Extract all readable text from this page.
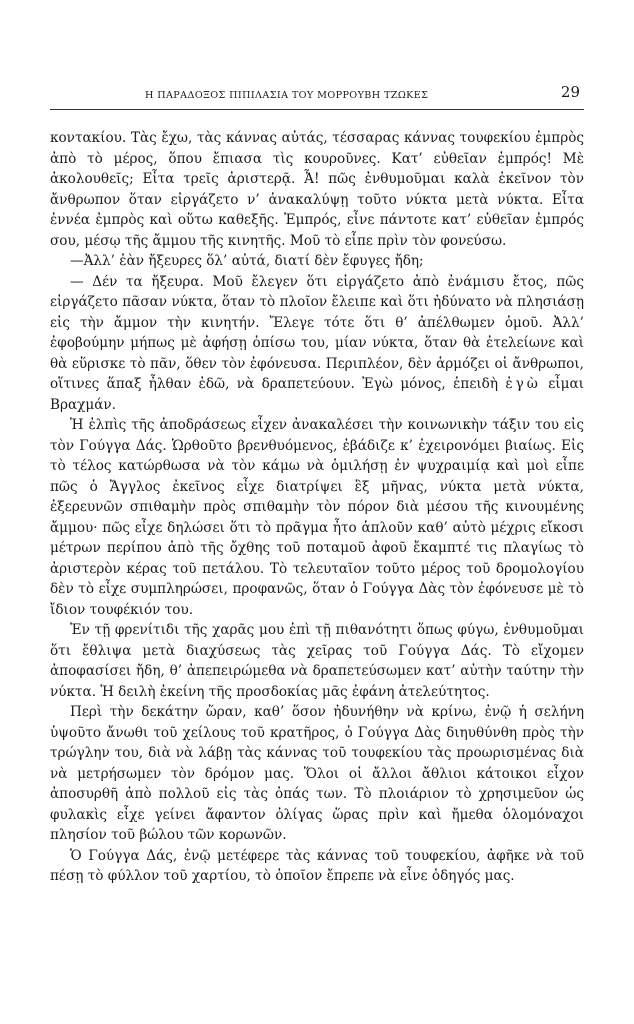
Η ΠΑΡΑΔΟΞΟΣ ΠΙΠΙΛΑΣΙΑ ΤΟΥ ΜΟΡΡΟΥΒΗ ΤΖΩΚΕΣ	29

κοντακίου. Τὰς ἔχω, τὰς κάννας αὐτάς, τέσσαρας κάννας τουφεκίου ἐμπρὸς ἀπὸ τὸ μέρος, ὅπου ἔπιασα τὶς κουροῦνες. Κατ’ εὐθεῖαν ἐμπρός! Μὲ ἀκολουθεῖς; Εἶτα τρεῖς ἀριστερᾷ. Ἆ! πῶς ἐνθυμοῦμαι καλὰ ἐκεῖνον τὸν ἄνθρωπον ὅταν εἰργάζετο ν’ ἀνακαλύψῃ τοῦτο νύκτα μετὰ νύκτα. Εἶτα ἐννέα ἐμπρὸς καὶ οὕτω καθεξῆς. Ἐμπρός, εἶνε πάντοτε κατ’ εὐθεῖαν ἐμπρός σου, μέσῳ τῆς ἄμμου τῆς κινητῆς. Μοῦ τὸ εἶπε πρὶν τὸν φονεύσω.

—Ἀλλ’ ἐὰν ἤξευρες ὅλ’ αὐτά, διατί δὲν ἔφυγες ἤδη;

— Δέν τα ἤξευρα. Μοῦ ἔλεγεν ὅτι εἰργάζετο ἀπὸ ἐνάμισυ ἔτος, πῶς εἰργάζετο πᾶσαν νύκτα, ὅταν τὸ πλοῖον ἔλειπε καὶ ὅτι ἠδύνατο νὰ πλησιάσῃ εἰς τὴν ἄμμον τὴν κινητήν. Ἔλεγε τότε ὅτι θ’ ἀπέλθωμεν ὁμοῦ. Ἀλλ’ ἐφοβούμην μήπως μὲ ἀφήσῃ ὀπίσω του, μίαν νύκτα, ὅταν θὰ ἐτελείωνε καὶ θὰ εὕρισκε τὸ πᾶν, ὅθεν τὸν ἐφόνευσα. Περιπλέον, δὲν ἁρμόζει οἱ ἄνθρωποι, οἵτινες ἅπαξ ἦλθαν ἐδῶ, νὰ δραπετεύουν. Ἐγὼ μόνος, ἐπειδὴ ἐγὼ εἶμαι Βραχμάν.

Ἡ ἐλπὶς τῆς ἀποδράσεως εἶχεν ἀνακαλέσει τὴν κοινωνικὴν τάξιν του εἰς τὸν Γούγγα Δάς. Ὡρθοῦτο βρενθυόμενος, ἐβάδιζε κ’ ἐχειρονόμει βιαίως. Εἰς τὸ τέλος κατώρθωσα νὰ τὸν κάμω νὰ ὁμιλήσῃ ἐν ψυχραιμίᾳ καὶ μοὶ εἶπε πῶς ὁ Ἄγγλος ἐκεῖνος εἶχε διατρίψει ἓξ μῆνας, νύκτα μετὰ νύκτα, ἐξερευνῶν σπιθαμὴν πρὸς σπιθαμὴν τὸν πόρον διὰ μέσου τῆς κινουμένης ἄμμου· πῶς εἶχε δηλώσει ὅτι τὸ πρᾶγμα ἦτο ἁπλοῦν καθ’ αὐτὸ μέχρις εἴκοσι μέτρων περίπου ἀπὸ τῆς ὄχθης τοῦ ποταμοῦ ἀφοῦ ἔκαμπτέ τις πλαγίως τὸ ἀριστερὸν κέρας τοῦ πετάλου. Τὸ τελευταῖον τοῦτο μέρος τοῦ δρομολογίου δὲν τὸ εἶχε συμπληρώσει, προφανῶς, ὅταν ὁ Γούγγα Δὰς τὸν ἐφόνευσε μὲ τὸ ἴδιον τουφέκιόν του.

Ἐν τῇ φρενίτιδι τῆς χαρᾶς μου ἐπὶ τῇ πιθανότητι ὅπως φύγω, ἐνθυμοῦμαι ὅτι ἔθλιψα μετὰ διαχύσεως τὰς χεῖρας τοῦ Γούγγα Δάς. Τὸ εἴχομεν ἀποφασίσει ἤδη, θ’ ἀπεπειρώμεθα νὰ δραπετεύσωμεν κατ’ αὐτὴν ταύτην τὴν νύκτα. Ἡ δειλὴ ἐκείνη τῆς προσδοκίας μᾶς ἐφάνη ἀτελεύτητος.

Περὶ τὴν δεκάτην ὥραν, καθ’ ὅσον ἠδυνήθην νὰ κρίνω, ἐνῷ ἡ σελήνη ὑψοῦτο ἄνωθι τοῦ χείλους τοῦ κρατῆρος, ὁ Γούγγα Δὰς διηυθύνθη πρὸς τὴν τρώγλην του, διὰ νὰ λάβῃ τὰς κάννας τοῦ τουφεκίου τὰς προωρισμένας διὰ νὰ μετρήσωμεν τὸν δρόμον μας. Ὅλοι οἱ ἄλλοι ἄθλιοι κάτοικοι εἶχον ἀποσυρθῆ ἀπὸ πολλοῦ εἰς τὰς ὀπάς των. Τὸ πλοιάριον τὸ χρησιμεῦον ὡς φυλακὶς εἶχε γείνει ἄφαντον ὀλίγας ὥρας πρὶν καὶ ἤμεθα ὁλομόναχοι πλησίον τοῦ βώλου τῶν κορωνῶν.

Ὁ Γούγγα Δάς, ἐνῷ μετέφερε τὰς κάννας τοῦ τουφεκίου, ἀφῆκε νὰ τοῦ πέσῃ τὸ φύλλον τοῦ χαρτίου, τὸ ὁποῖον ἔπρεπε νὰ εἶνε ὁδηγός μας.
